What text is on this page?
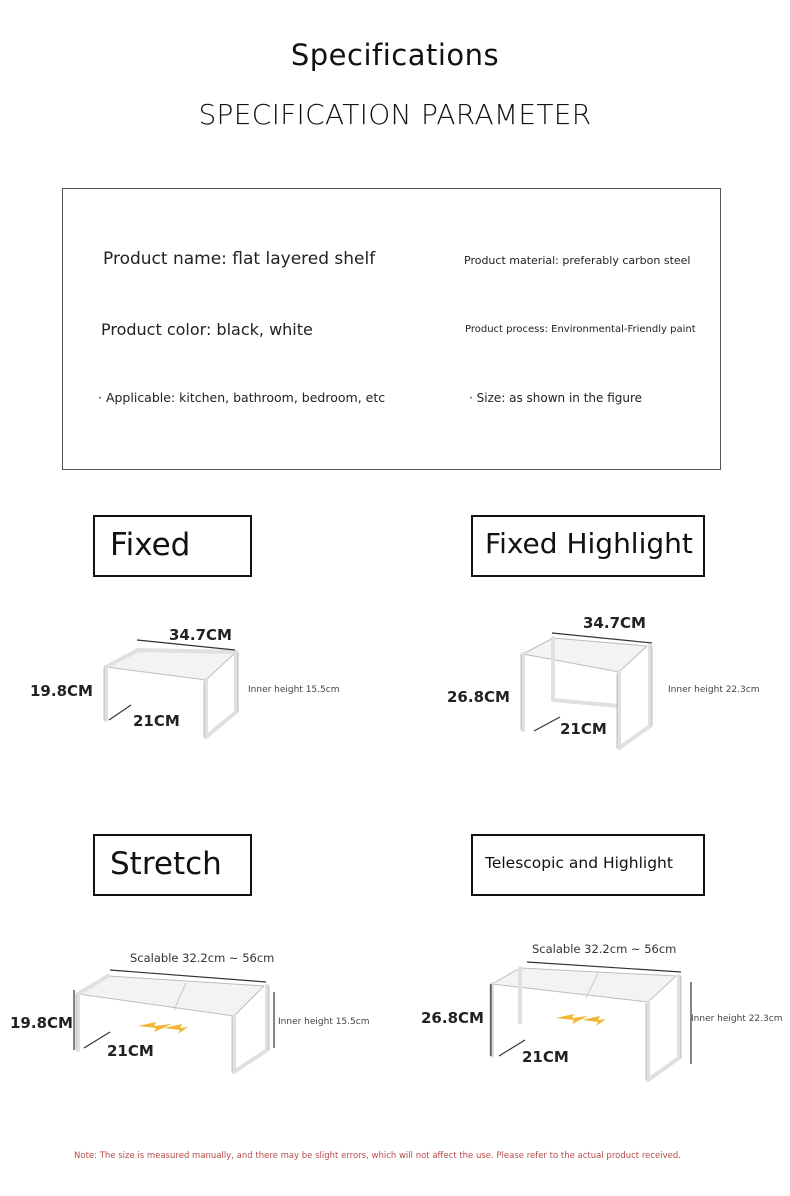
Specifications
SPECIFICATION PARAMETER
Product name: flat layered shelf	Product material: preferably carbon steel
Product color: black, white	Product process: Environmental-Friendly paint
· Applicable: kitchen, bathroom, bedroom, etc	· Size: as shown in the figure
Fixed
34.7CM
19.8CM
21CM
Inner height 15.5cm
Fixed Highlight
34.7CM
26.8CM
21CM
Inner height 22.3cm
Stretch
Scalable 32.2cm ~ 56cm
19.8CM
21CM
Inner height 15.5cm
Telescopic and Highlight
Scalable 32.2cm ~ 56cm
26.8CM
21CM
Inner height 22.3cm
Note: The size is measured manually, and there may be slight errors, which will not affect the use. Please refer to the actual product received.
